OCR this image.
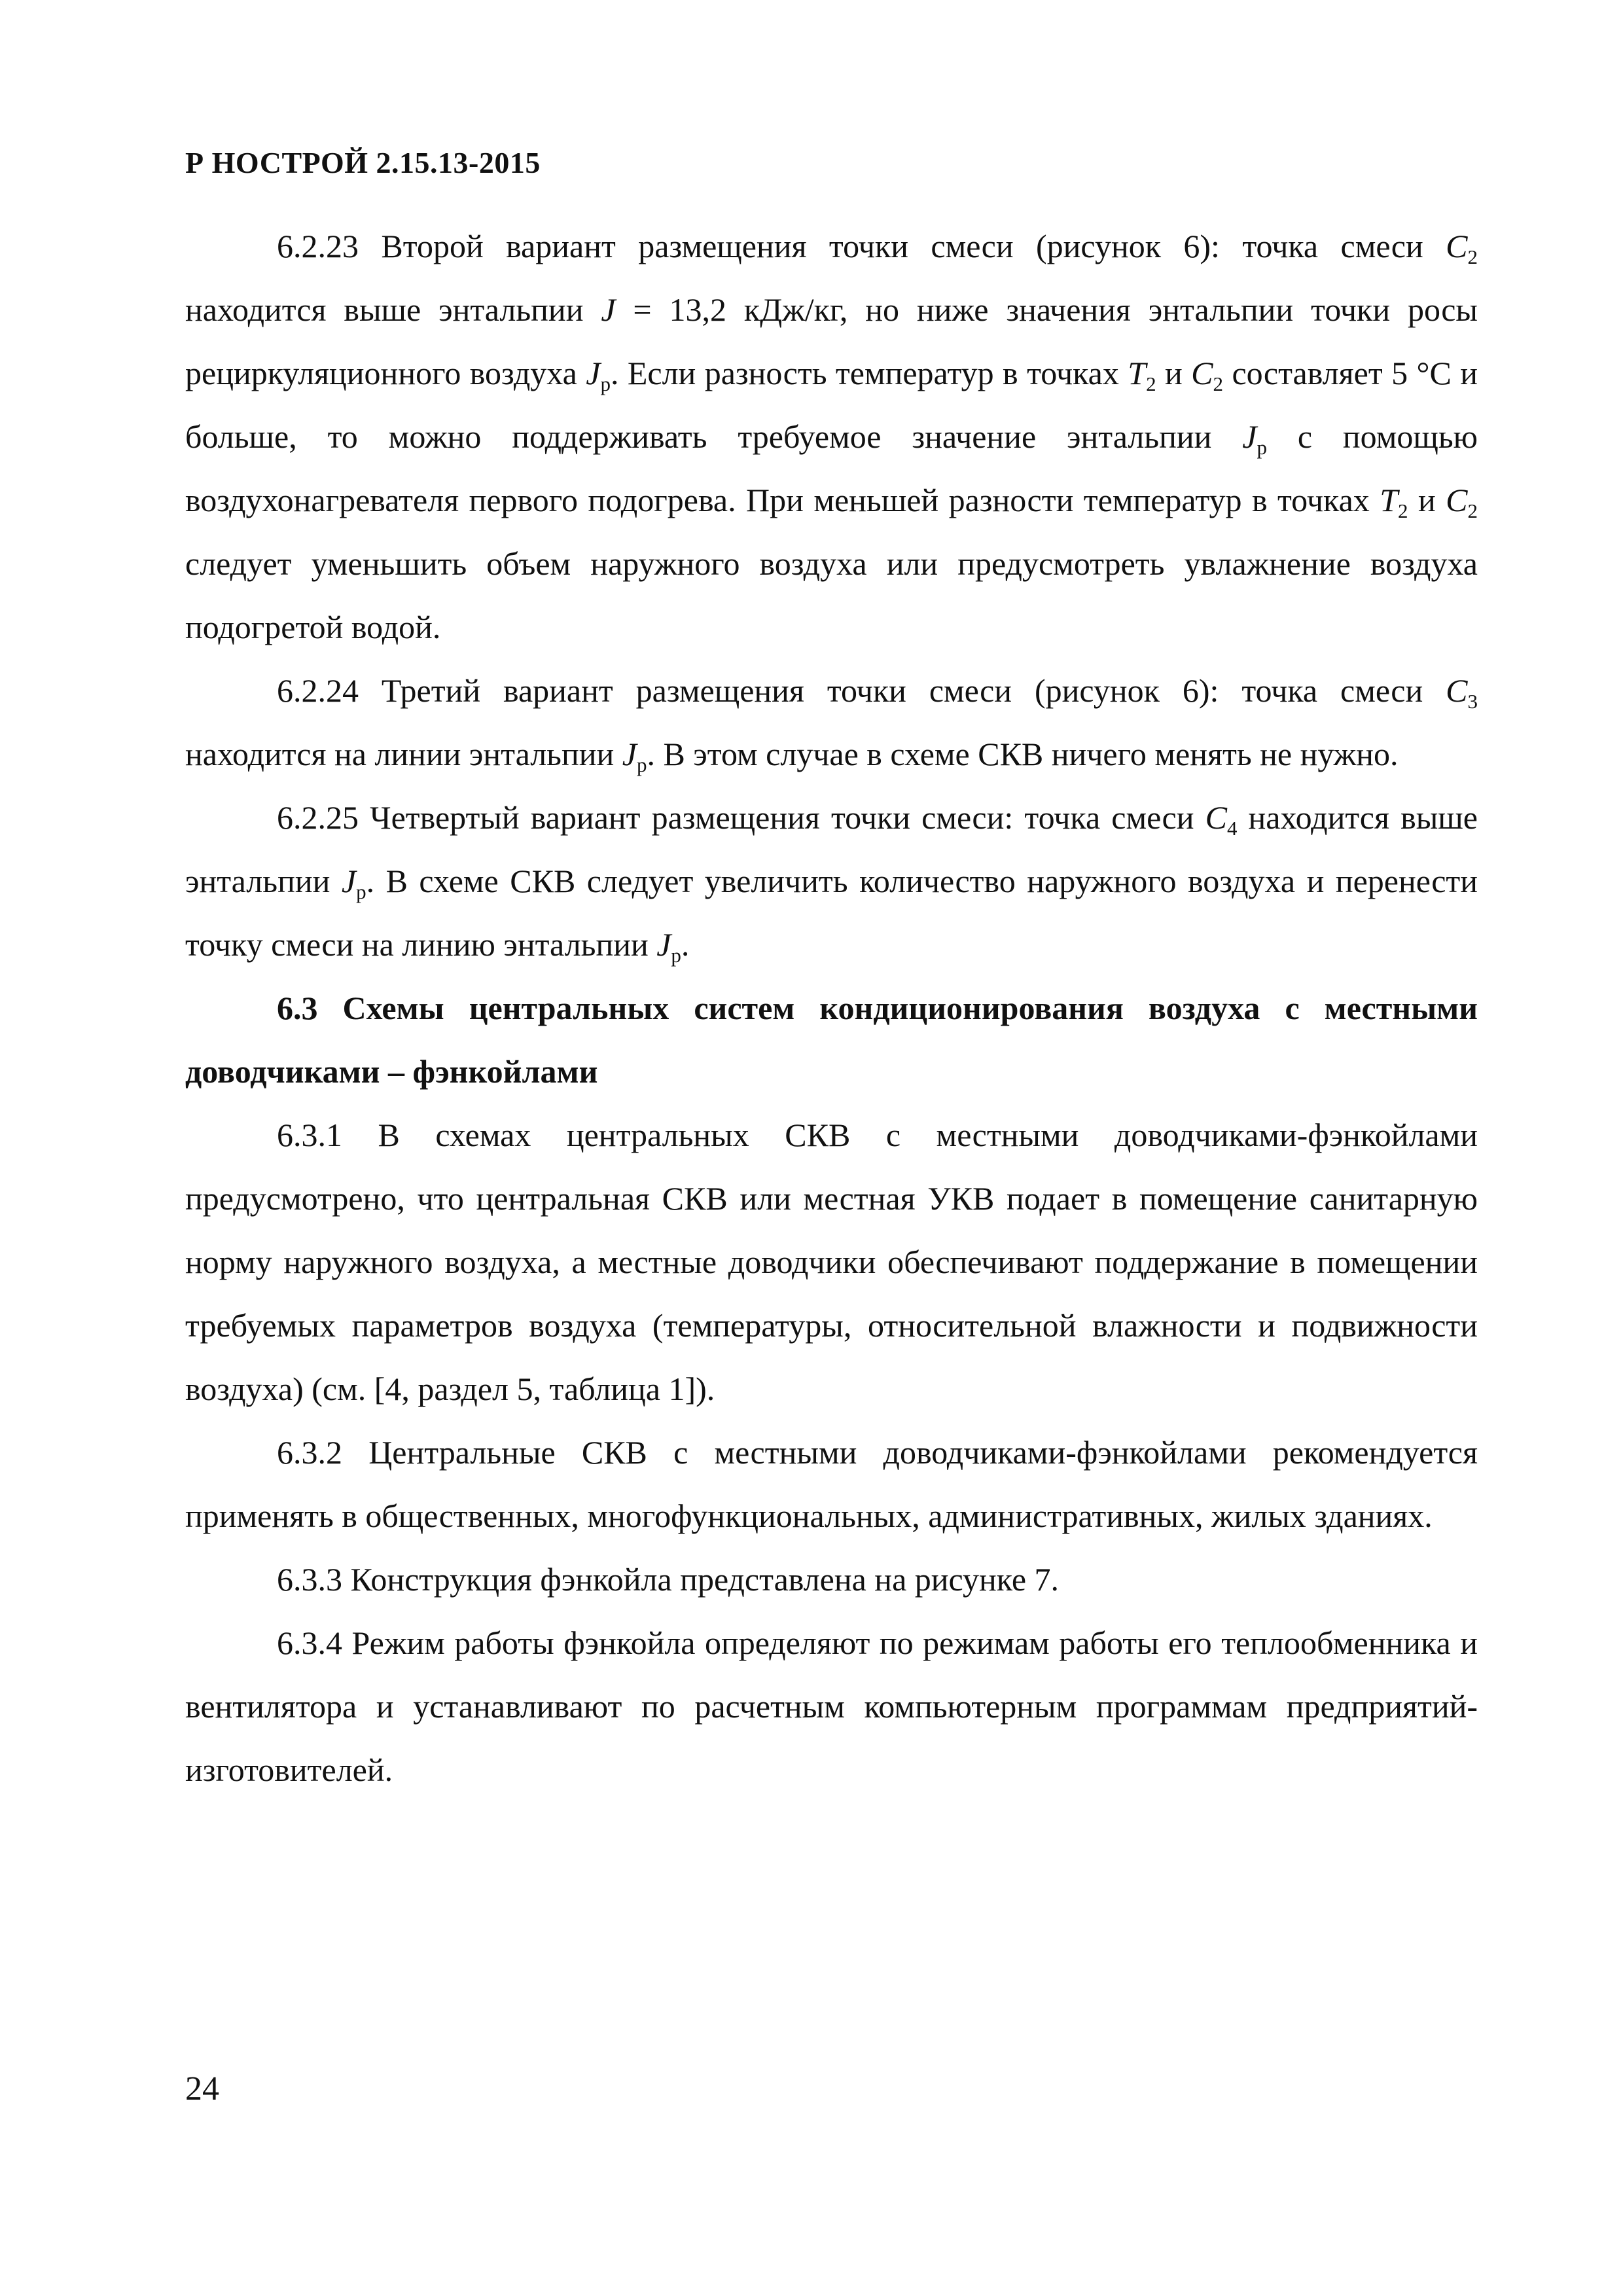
Р НОСТРОЙ 2.15.13-2015

6.2.23 Второй вариант размещения точки смеси (рисунок 6): точка смеси $C_2$ находится выше энтальпии J = 13,2 кДж/кг, но ниже значения энтальпии точки росы рециркуляционного воздуха $J_р$. Если разность температур в точках $T_2$ и $C_2$ составляет 5 °С и больше, то можно поддерживать требуемое значение энтальпии $J_р$ с помощью воздухонагревателя первого подогрева. При меньшей разности температур в точках $T_2$ и $C_2$ следует уменьшить объем наружного воздуха или предусмотреть увлажнение воздуха подогретой водой.

6.2.24 Третий вариант размещения точки смеси (рисунок 6): точка смеси $C_3$ находится на линии энтальпии $J_р$. В этом случае в схеме СКВ ничего менять не нужно.

6.2.25 Четвертый вариант размещения точки смеси: точка смеси $C_4$ находится выше энтальпии $J_р$. В схеме СКВ следует увеличить количество наружного воздуха и перенести точку смеси на линию энтальпии $J_р$.

6.3 Схемы центральных систем кондиционирования воздуха с местными доводчиками – фэнкойлами

6.3.1 В схемах центральных СКВ с местными доводчиками-фэнкойлами предусмотрено, что центральная СКВ или местная УКВ подает в помещение санитарную норму наружного воздуха, а местные доводчики обеспечивают поддержание в помещении требуемых параметров воздуха (температуры, относительной влажности и подвижности воздуха) (см. [4, раздел 5, таблица 1]).

6.3.2 Центральные СКВ с местными доводчиками-фэнкойлами рекомендуется применять в общественных, многофункциональных, административных, жилых зданиях.

6.3.3 Конструкция фэнкойла представлена на рисунке 7.

6.3.4 Режим работы фэнкойла определяют по режимам работы его теплообменника и вентилятора и устанавливают по расчетным компьютерным программам предприятий-изготовителей.

24
